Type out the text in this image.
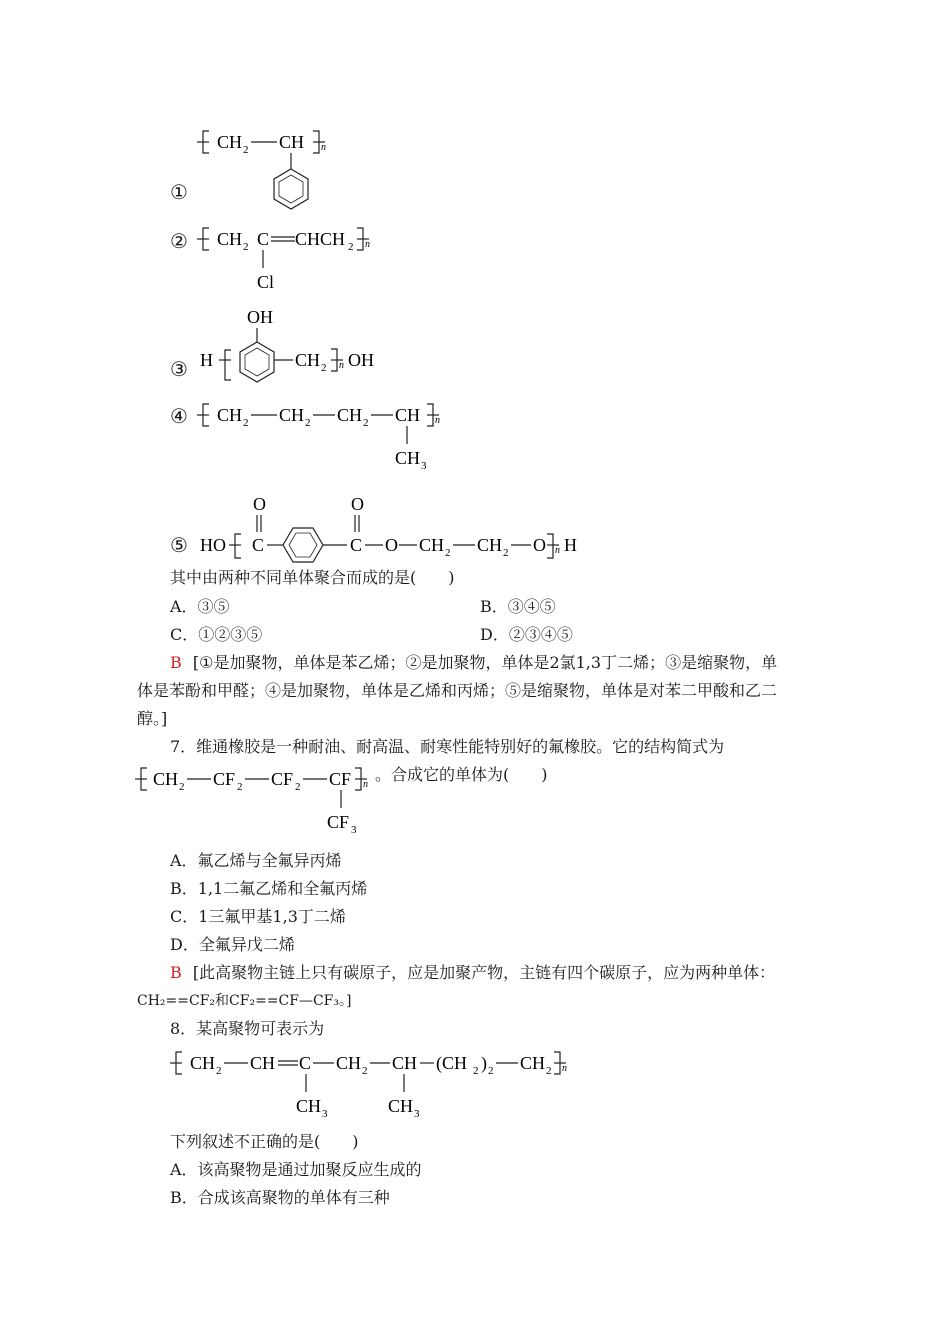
①
CH 2 CH n
② CH 2 C CHCH 2 n
Cl
③ H
OH
CH 2 n OH
④ CH 2 CH 2 CH 2 CH n
CH 3
⑤ HO
O
C
O
C O CH 2 CH 2 O n H
其中由两种不同单体聚合而成的是(　　)
A．③⑤	B．③④⑤
C．①②③⑤	D．②③④⑤
B [①是加聚物，单体是苯乙烯；②是加聚物，单体是2氯1,3丁二烯；③是缩聚物，单
体是苯酚和甲醛；④是加聚物，单体是乙烯和丙烯；⑤是缩聚物，单体是对苯二甲酸和乙二
醇。]
7．维通橡胶是一种耐油、耐高温、耐寒性能特别好的氟橡胶。它的结构简式为
CH 2 CF 2 CF 2 CF n
CF 3
。合成它的单体为(　　)
A．氟乙烯与全氟异丙烯
B．1,1二氟乙烯和全氟丙烯
C．1三氟甲基1,3丁二烯
D．全氟异戊二烯
B [此高聚物主链上只有碳原子，应是加聚产物，主链有四个碳原子，应为两种单体：
CH₂==CF₂和CF₂==CF—CF₃。]
8．某高聚物可表示为
CH 2 CH C CH 2 CH (CH 2 ) 2 CH 2 n
CH 3	CH 3
下列叙述不正确的是(　　)
A．该高聚物是通过加聚反应生成的
B．合成该高聚物的单体有三种
